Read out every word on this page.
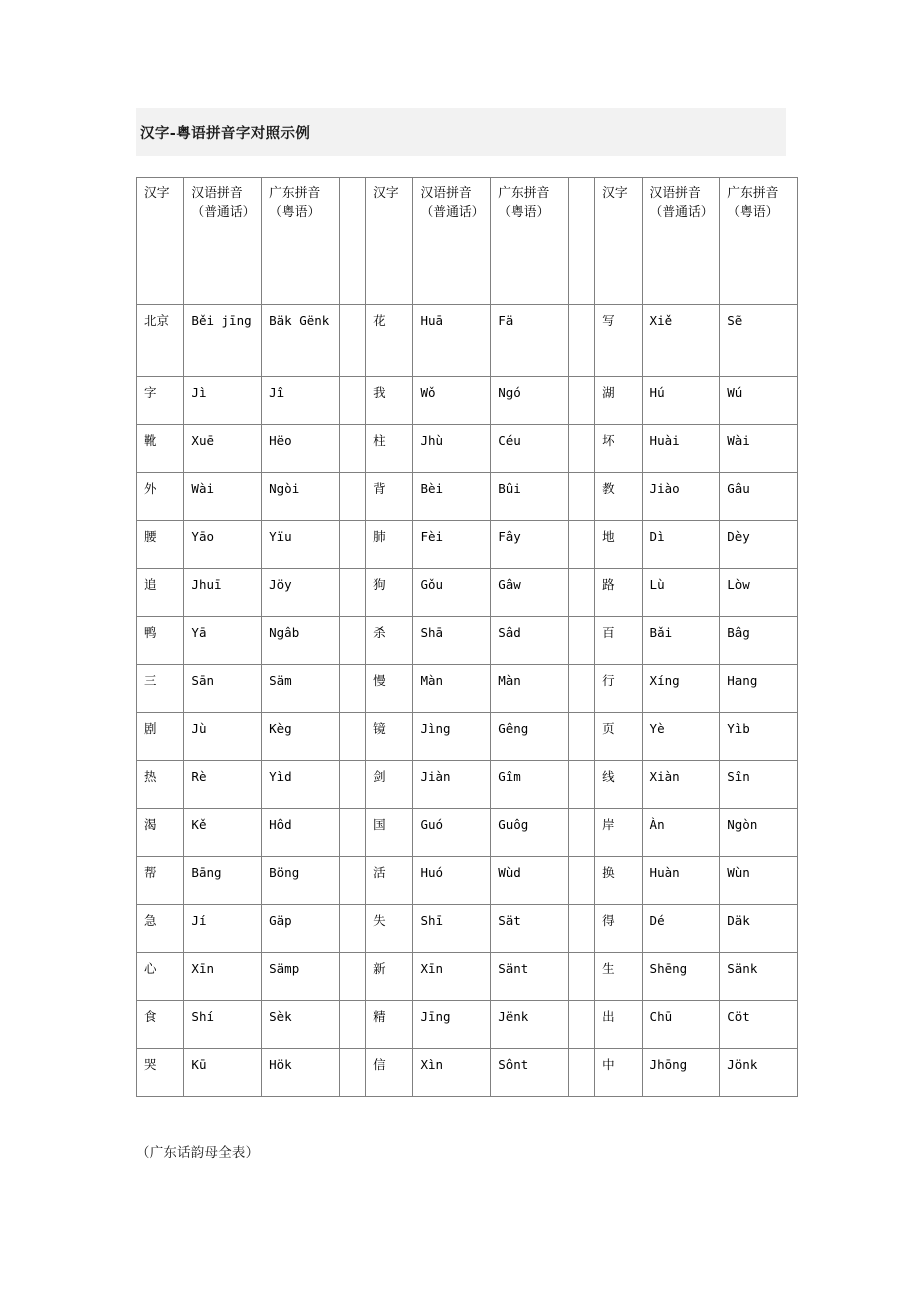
汉字-粤语拼音字对照示例
汉字	汉语拼音（普通话）	广东拼音（粤语）		汉字	汉语拼音（普通话）	广东拼音（粤语）		汉字	汉语拼音（普通话）	广东拼音（粤语）
北京	Běi jīng	Bäk Gënk		花	Huā	Fä		写	Xiě	Sẽ
字	Jì	Jî		我	Wǒ	Ngó		湖	Hú	Wú
靴	Xuē	Hëo		柱	Jhù	Céu		坏	Huài	Wài
外	Wài	Ngòi		背	Bèi	Bûi		教	Jiào	Gâu
腰	Yāo	Yïu		肺	Fèi	Fây		地	Dì	Dèy
追	Jhuī	Jöy		狗	Gǒu	Gâw		路	Lù	Lòw
鸭	Yā	Ngâb		杀	Shā	Sâd		百	Bǎi	Bâg
三	Sān	Säm		慢	Màn	Màn		行	Xíng	Hang
剧	Jù	Kèg		镜	Jìng	Gêng		页	Yè	Yìb
热	Rè	Yìd		剑	Jiàn	Gîm		线	Xiàn	Sîn
渴	Kě	Hôd		国	Guó	Guôg		岸	Àn	Ngòn
帮	Bāng	Böng		活	Huó	Wùd		换	Huàn	Wùn
急	Jí	Gäp		失	Shī	Sät		得	Dé	Däk
心	Xīn	Sämp		新	Xīn	Sänt		生	Shēng	Sänk
食	Shí	Sèk		精	Jīng	Jënk		出	Chū	Cöt
哭	Kū	Hök		信	Xìn	Sônt		中	Jhōng	Jönk
（广东话韵母全表）
